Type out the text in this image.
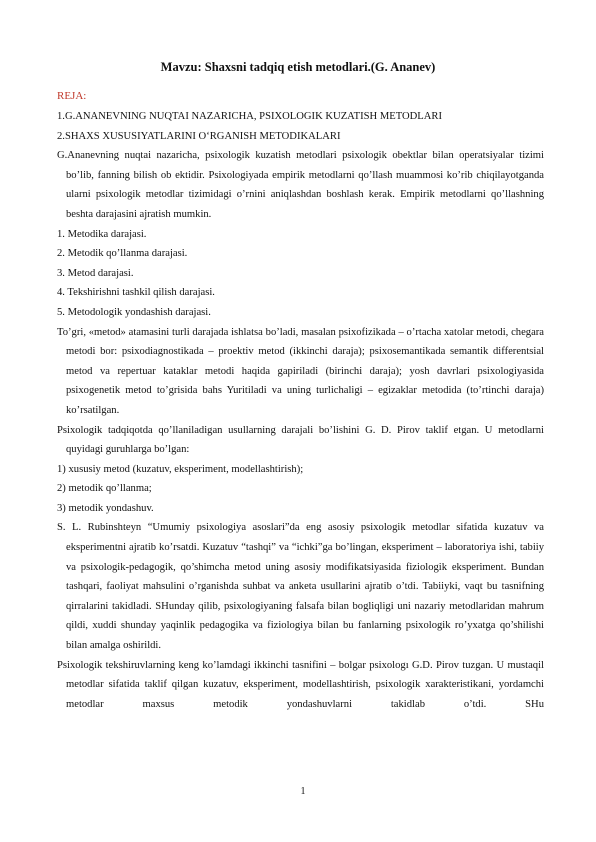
Mavzu: Shaxsni tadqiq etish metodlari.(G. Ananev)
REJA:

1.G.ANANEVNING NUQTAI NAZARICHA, PSIXOLOGIK KUZATISH METODLARI

2.SHAXS XUSUSIYATLARINI O‘RGANISH METODIKALARI

G.Ananevning nuqtai nazaricha, psixologik kuzatish metodlari psixologik obektlar bilan operatsiyalar tizimi bo’lib, fanning bilish ob ektidir. Psixologiyada empirik metodlarni qo’llash muammosi ko’rib chiqilayotganda ularni psixologik metodlar tizimidagi o’rnini aniqlashdan boshlash kerak. Empirik metodlarni qo’llashning beshta darajasini ajratish mumkin.

1. Metodika darajasi.

2. Metodik qo’llanma darajasi.

3. Metod darajasi.

4. Tekshirishni tashkil qilish darajasi.

5. Metodologik yondashish darajasi.

To’gri, «metod» atamasini turli darajada ishlatsa bo’ladi, masalan psixofizikada – o’rtacha xatolar metodi, chegara metodi bor: psixodiagnostikada – proektiv metod (ikkinchi daraja); psixosemantikada semantik differentsial metod va repertuar kataklar metodi haqida gapiriladi (birinchi daraja); yosh davrlari psixologiyasida psixogenetik metod to’grisida bahs Yuritiladi va uning turlichaligi – egizaklar metodida (to’rtinchi daraja) ko’rsatilgan.

Psixologik tadqiqotda qo’llaniladigan usullarning darajali bo’lishini G. D. Pirov taklif etgan. U metodlarni quyidagi guruhlarga bo’lgan:

1) xususiy metod (kuzatuv, eksperiment, modellashtirish);

2) metodik qo’llanma;

3) metodik yondashuv.

S. L. Rubinshteyn “Umumiy psixologiya asoslari”da eng asosiy psixologik metodlar sifatida kuzatuv va eksperimentni ajratib ko’rsatdi. Kuzatuv “tashqi” va “ichki”ga bo’lingan, eksperiment – laboratoriya ishi, tabiiy va psixologik-pedagogik, qo’shimcha metod uning asosiy modifikatsiyasida fiziologik eksperiment. Bundan tashqari, faoliyat mahsulini o’rganishda suhbat va anketa usullarini ajratib o’tdi. Tabiiyki, vaqt bu tasnifning qirralarini takidladi. SHunday qilib, psixologiyaning falsafa bilan bogliqligi uni nazariy metodlaridan mahrum qildi, xuddi shunday yaqinlik pedagogika va fiziologiya bilan bu fanlarning psixologik ro’yxatga qo’shilishi bilan amalga oshirildi.

Psixologik tekshiruvlarning keng ko’lamdagi ikkinchi tasnifini – bolgar psixologı G.D. Pirov tuzgan. U mustaqil metodlar sifatida taklif qilgan kuzatuv, eksperiment, modellashtirish, psixologik xarakteristikani, yordamchi metodlar maxsus metodik yondashuvlarni takidlab o’tdi. SHu

1
